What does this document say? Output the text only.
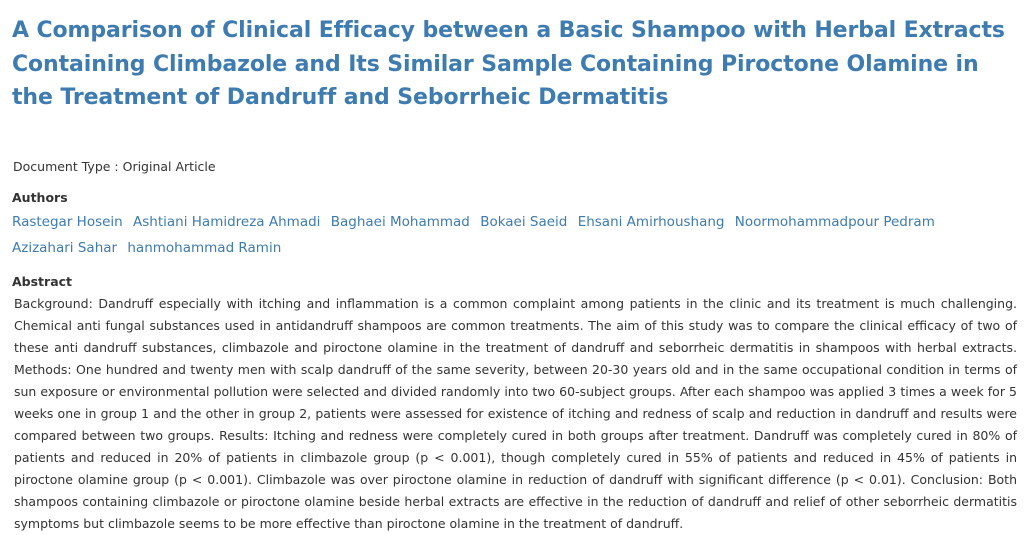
A Comparison of Clinical Efficacy between a Basic Shampoo with Herbal Extracts Containing Climbazole and Its Similar Sample Containing Piroctone Olamine in the Treatment of Dandruff and Seborrheic Dermatitis
Document Type : Original Article
Authors
Rastegar Hosein Ashtiani Hamidreza Ahmadi Baghaei Mohammad Bokaei Saeid Ehsani Amirhoushang Noormohammadpour Pedram Azizahari Sahar hanmohammad Ramin
Abstract
Background: Dandruff especially with itching and inflammation is a common complaint among patients in the clinic and its treatment is much challenging. Chemical anti fungal substances used in antidandruff shampoos are common treatments. The aim of this study was to compare the clinical efficacy of two of these anti dandruff substances, climbazole and piroctone olamine in the treatment of dandruff and seborrheic dermatitis in shampoos with herbal extracts. Methods: One hundred and twenty men with scalp dandruff of the same severity, between 20-30 years old and in the same occupational condition in terms of sun exposure or environmental pollution were selected and divided randomly into two 60-subject groups. After each shampoo was applied 3 times a week for 5 weeks one in group 1 and the other in group 2, patients were assessed for existence of itching and redness of scalp and reduction in dandruff and results were compared between two groups. Results: Itching and redness were completely cured in both groups after treatment. Dandruff was completely cured in 80% of patients and reduced in 20% of patients in climbazole group (p < 0.001), though completely cured in 55% of patients and reduced in 45% of patients in piroctone olamine group (p < 0.001). Climbazole was over piroctone olamine in reduction of dandruff with significant difference (p < 0.01). Conclusion: Both shampoos containing climbazole or piroctone olamine beside herbal extracts are effective in the reduction of dandruff and relief of other seborrheic dermatitis symptoms but climbazole seems to be more effective than piroctone olamine in the treatment of dandruff.
